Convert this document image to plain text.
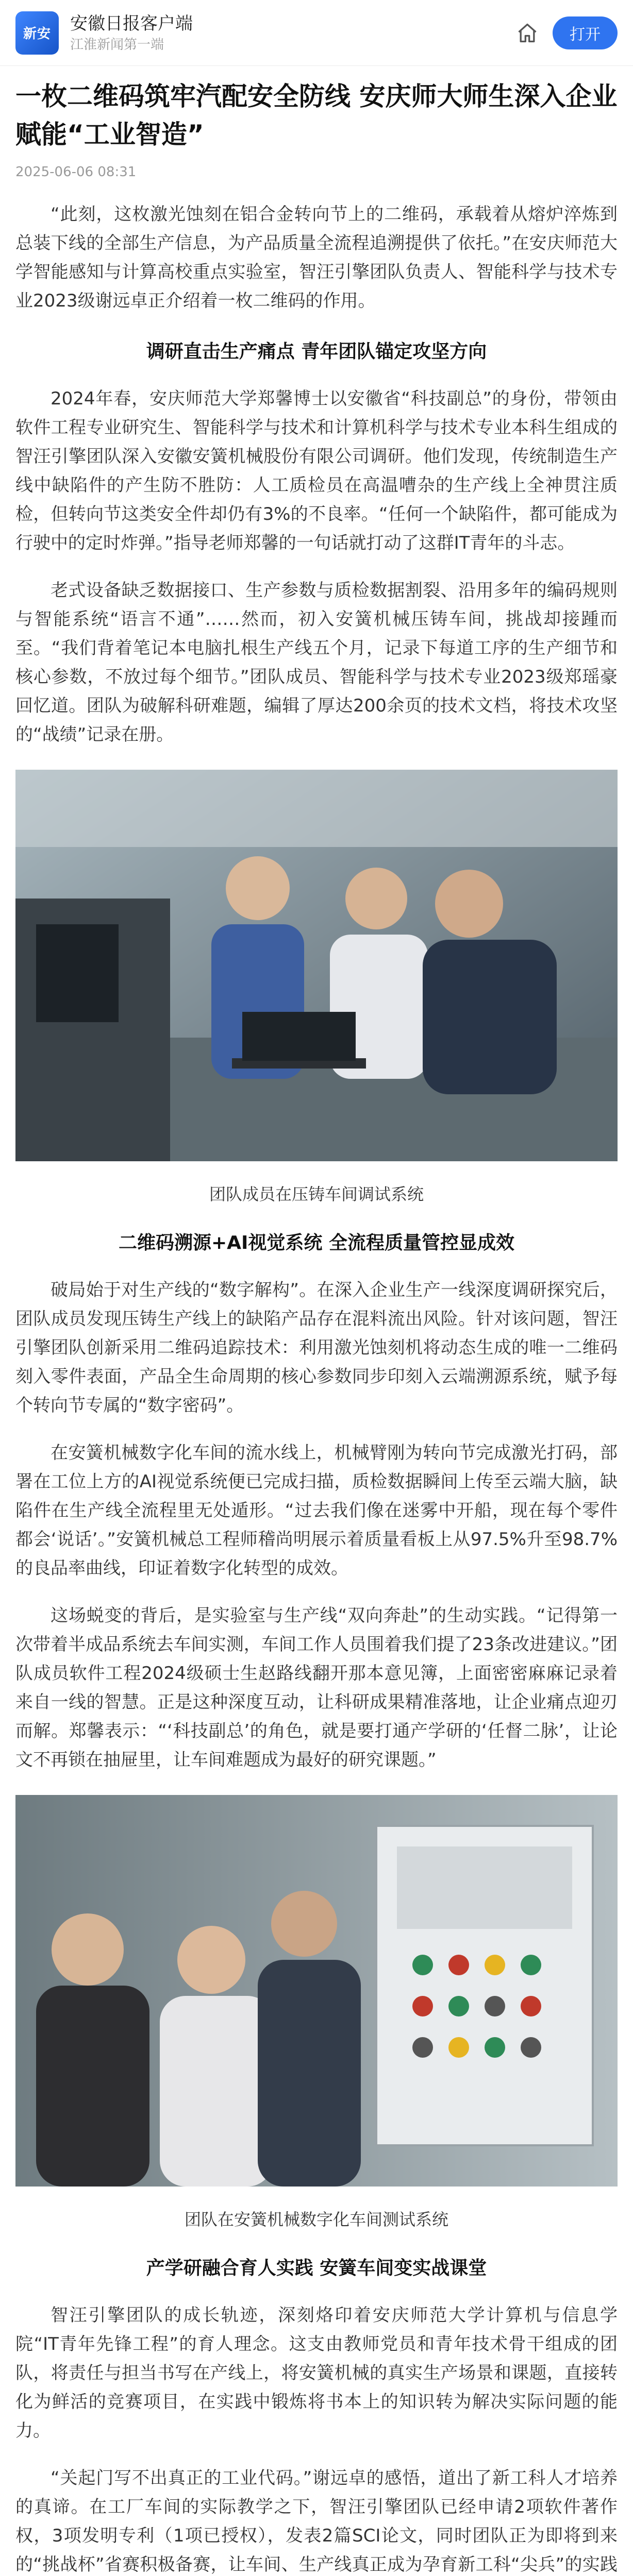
新安
安徽日报客户端
江淮新闻第一端
打开
一枚二维码筑牢汽配安全防线 安庆师大师生深入企业赋能“工业智造”
2025-06-06 08:31

“此刻，这枚激光蚀刻在铝合金转向节上的二维码，承载着从熔炉淬炼到总装下线的全部生产信息，为产品质量全流程追溯提供了依托。”在安庆师范大学智能感知与计算高校重点实验室，智汪引擎团队负责人、智能科学与技术专业2023级谢远卓正介绍着一枚二维码的作用。

调研直击生产痛点 青年团队锚定攻坚方向

2024年春，安庆师范大学郑馨博士以安徽省“科技副总”的身份，带领由软件工程专业研究生、智能科学与技术和计算机科学与技术专业本科生组成的智汪引擎团队深入安徽安簧机械股份有限公司调研。他们发现，传统制造生产线中缺陷件的产生防不胜防：人工质检员在高温嘈杂的生产线上全神贯注质检，但转向节这类安全件却仍有3%的不良率。“任何一个缺陷件，都可能成为行驶中的定时炸弹。”指导老师郑馨的一句话就打动了这群IT青年的斗志。

老式设备缺乏数据接口、生产参数与质检数据割裂、沿用多年的编码规则与智能系统“语言不通”……然而，初入安簧机械压铸车间，挑战却接踵而至。“我们背着笔记本电脑扎根生产线五个月，记录下每道工序的生产细节和核心参数，不放过每个细节。”团队成员、智能科学与技术专业2023级郑瑶豪回忆道。团队为破解科研难题，编辑了厚达200余页的技术文档，将技术攻坚的“战绩”记录在册。

团队成员在压铸车间调试系统
二维码溯源+AI视觉系统 全流程质量管控显成效

破局始于对生产线的“数字解构”。在深入企业生产一线深度调研探究后，团队成员发现压铸生产线上的缺陷产品存在混料流出风险。针对该问题，智汪引擎团队创新采用二维码追踪技术：利用激光蚀刻机将动态生成的唯一二维码刻入零件表面，产品全生命周期的核心参数同步印刻入云端溯源系统，赋予每个转向节专属的“数字密码”。

在安簧机械数字化车间的流水线上，机械臂刚为转向节完成激光打码，部署在工位上方的AI视觉系统便已完成扫描，质检数据瞬间上传至云端大脑，缺陷件在生产线全流程里无处遁形。“过去我们像在迷雾中开船，现在每个零件都会‘说话’。”安簧机械总工程师稽尚明展示着质量看板上从97.5%升至98.7%的良品率曲线，印证着数字化转型的成效。

这场蜕变的背后，是实验室与生产线“双向奔赴”的生动实践。“记得第一次带着半成品系统去车间实测，车间工作人员围着我们提了23条改进建议。”团队成员软件工程2024级硕士生赵路线翻开那本意见簿，上面密密麻麻记录着来自一线的智慧。正是这种深度互动，让科研成果精准落地，让企业痛点迎刃而解。郑馨表示：“‘科技副总’的角色，就是要打通产学研的‘任督二脉’，让论文不再锁在抽屉里，让车间难题成为最好的研究课题。”

团队在安簧机械数字化车间测试系统
产学研融合育人实践 安簧车间变实战课堂

智汪引擎团队的成长轨迹，深刻烙印着安庆师范大学计算机与信息学院“IT青年先锋工程”的育人理念。这支由教师党员和青年技术骨干组成的团队，将责任与担当书写在产线上，将安簧机械的真实生产场景和课题，直接转化为鲜活的竞赛项目，在实践中锻炼将书本上的知识转为解决实际问题的能力。

“关起门写不出真正的工业代码。”谢远卓的感悟，道出了新工科人才培养的真谛。在工厂车间的实际教学之下，智汪引擎团队已经申请2项软件著作权，3项发明专利（1项已授权），发表2篇SCI论文，同时团队正为即将到来的“挑战杯”省赛积极备赛，让车间、生产线真正成为孕育新工科“尖兵”的实践
